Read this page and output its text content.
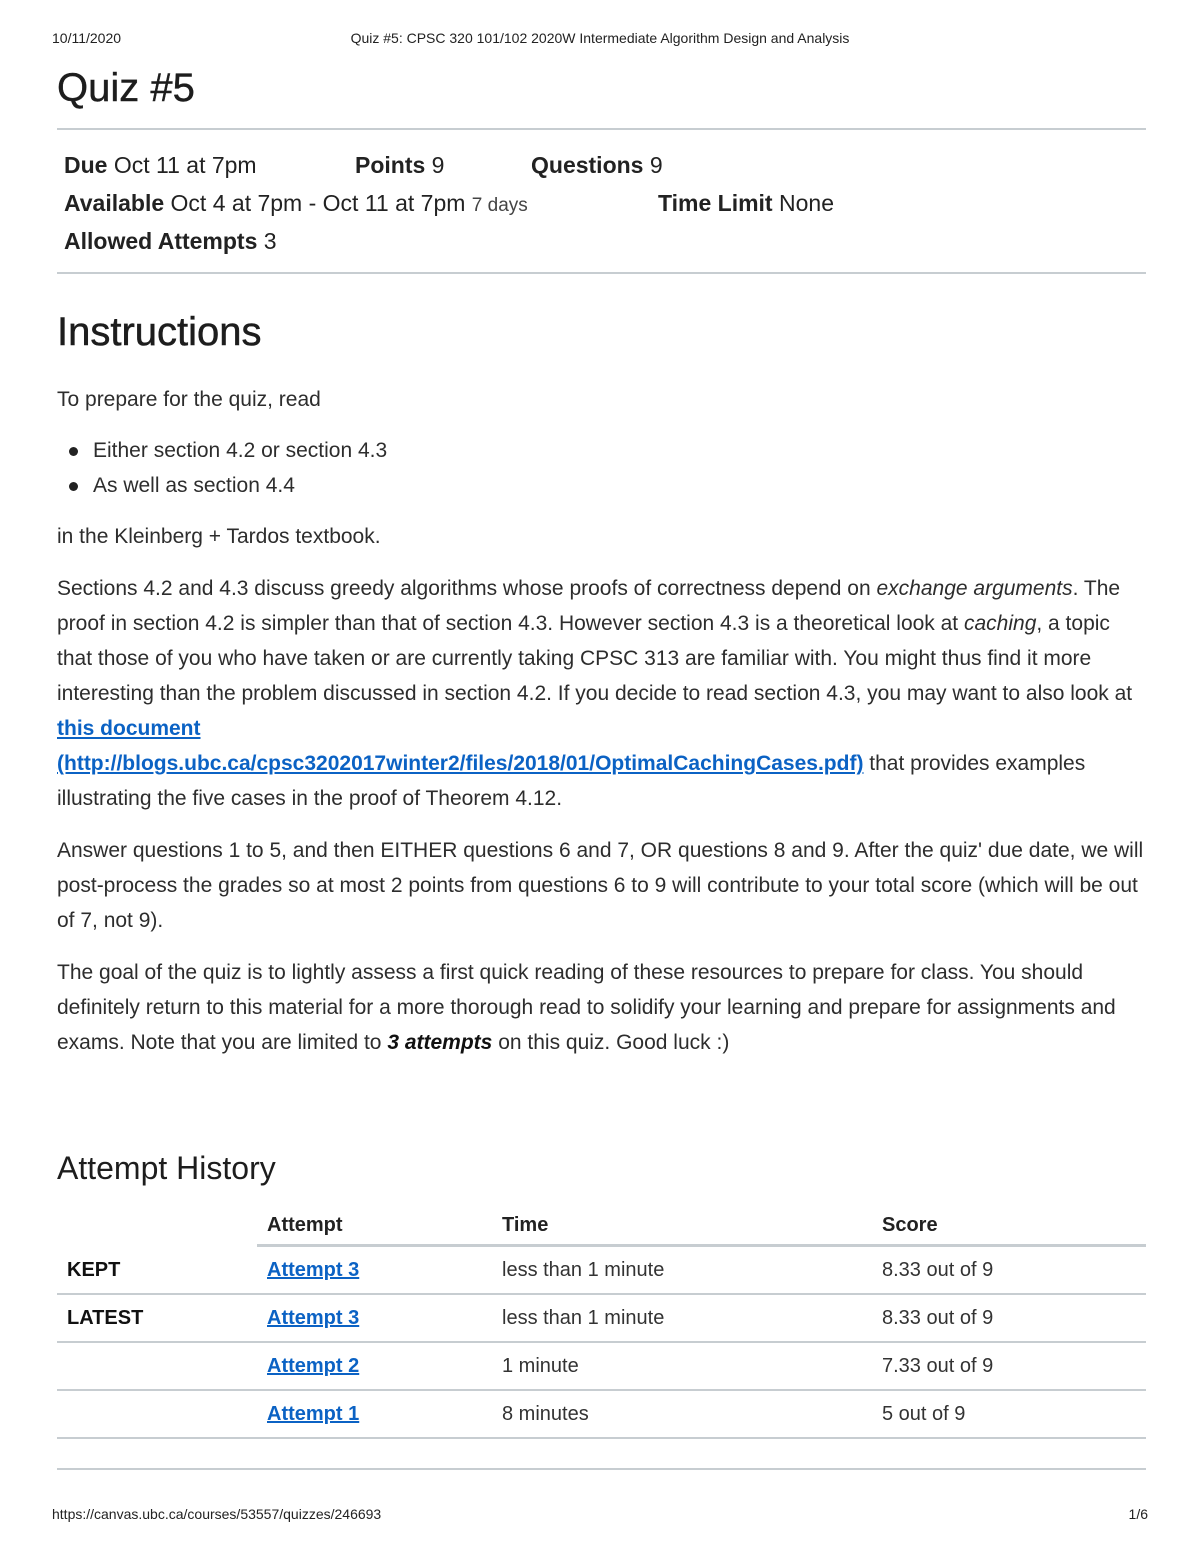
10/11/2020	Quiz #5: CPSC 320 101/102 2020W Intermediate Algorithm Design and Analysis
Quiz #5
Due Oct 11 at 7pm	Points 9	Questions 9
Available Oct 4 at 7pm - Oct 11 at 7pm 7 days	Time Limit None
Allowed Attempts 3
Instructions

To prepare for the quiz, read

Either section 4.2 or section 4.3
As well as section 4.4

in the Kleinberg + Tardos textbook.

Sections 4.2 and 4.3 discuss greedy algorithms whose proofs of correctness depend on exchange arguments. The proof in section 4.2 is simpler than that of section 4.3. However section 4.3 is a theoretical look at caching, a topic that those of you who have taken or are currently taking CPSC 313 are familiar with. You might thus find it more interesting than the problem discussed in section 4.2. If you decide to read section 4.3, you may want to also look at this document
(http://blogs.ubc.ca/cpsc3202017winter2/files/2018/01/OptimalCachingCases.pdf) that provides examples illustrating the five cases in the proof of Theorem 4.12.

Answer questions 1 to 5, and then EITHER questions 6 and 7, OR questions 8 and 9. After the quiz' due date, we will post-process the grades so at most 2 points from questions 6 to 9 will contribute to your total score (which will be out of 7, not 9).

The goal of the quiz is to lightly assess a first quick reading of these resources to prepare for class. You should definitely return to this material for a more thorough read to solidify your learning and prepare for assignments and exams. Note that you are limited to 3 attempts on this quiz. Good luck :)

Attempt History
	Attempt	Time	Score
KEPT	Attempt 3	less than 1 minute	8.33 out of 9
LATEST	Attempt 3	less than 1 minute	8.33 out of 9
	Attempt 2	1 minute	7.33 out of 9
	Attempt 1	8 minutes	5 out of 9
https://canvas.ubc.ca/courses/53557/quizzes/246693	1/6
